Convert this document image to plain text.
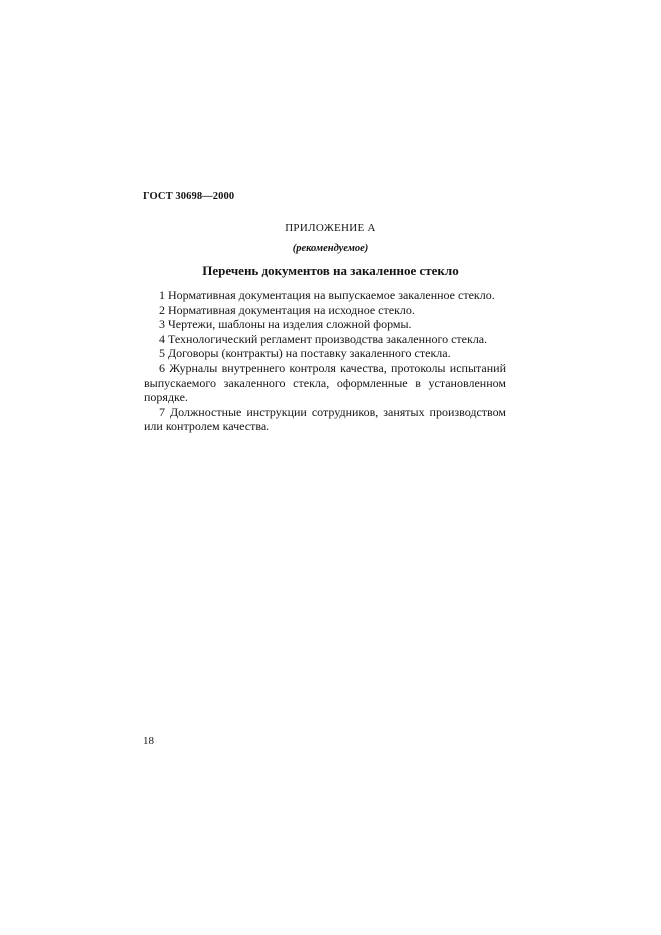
ГОСТ 30698—2000
ПРИЛОЖЕНИЕ А
(рекомендуемое)
Перечень документов на закаленное стекло

1 Нормативная документация на выпускаемое закаленное стекло.

2 Нормативная документация на исходное стекло.

3 Чертежи, шаблоны на изделия сложной формы.

4 Технологический регламент производства закаленного стекла.

5 Договоры (контракты) на поставку закаленного стекла.

6 Журналы внутреннего контроля качества, протоколы испытаний выпускаемого закаленного стекла, оформленные в установленном порядке.

7 Должностные инструкции сотрудников, занятых производством или контролем качества.

18
